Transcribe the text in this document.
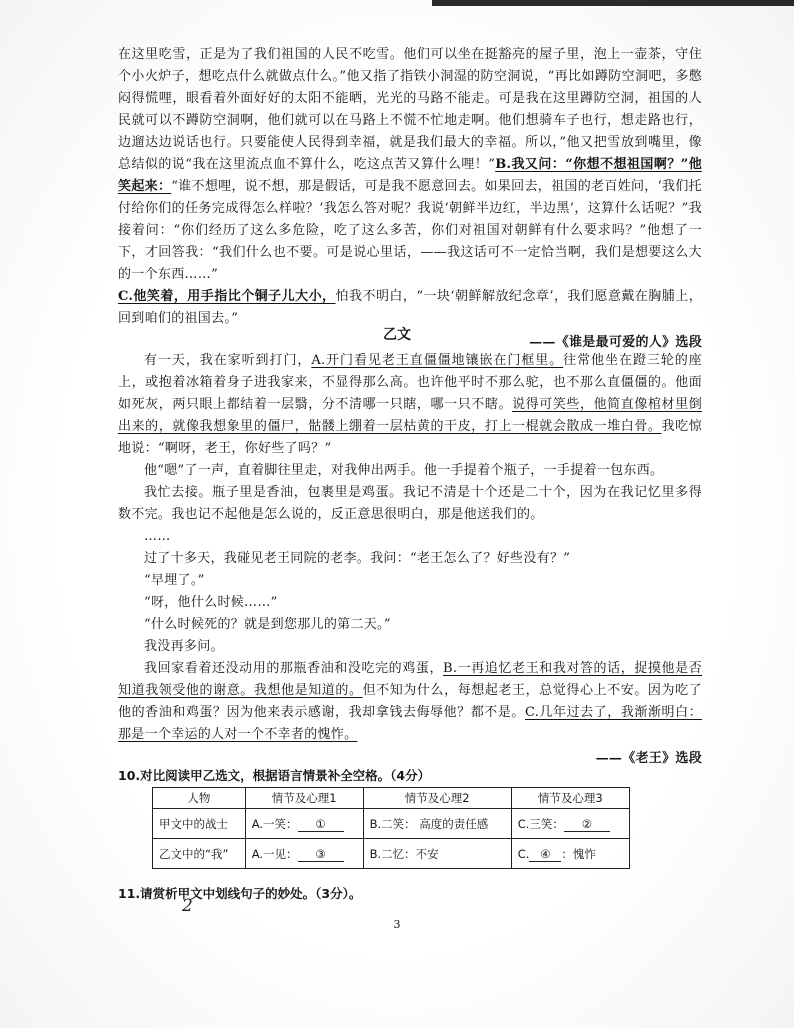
在这里吃雪，正是为了我们祖国的人民不吃雪。他们可以坐在挺豁亮的屋子里，泡上一壶茶，守住个小火炉子，想吃点什么就做点什么。”他又指了指铁小洞湿的防空洞说，“再比如蹲防空洞吧，多憋闷得慌哩，眼看着外面好好的太阳不能晒，光光的马路不能走。可是我在这里蹲防空洞，祖国的人民就可以不蹲防空洞啊，他们就可以在马路上不慌不忙地走啊。他们想骑车子也行，想走路也行，边遛达边说话也行。只要能使人民得到幸福，就是我们最大的幸福。所以，”他又把雪放到嘴里，像总结似的说“我在这里流点血不算什么，吃这点苦又算什么哩！”B.我又问：“你想不想祖国啊？”他笑起来：“谁不想哩，说不想，那是假话，可是我不愿意回去。如果回去，祖国的老百姓问，‘我们托付给你们的任务完成得怎么样啦？’我怎么答对呢？我说‘朝鲜半边红，半边黑’，这算什么话呢？”我接着问：“你们经历了这么多危险，吃了这么多苦，你们对祖国对朝鲜有什么要求吗？”他想了一下，才回答我：“我们什么也不要。可是说心里话，——我这话可不一定恰当啊，我们是想要这么大的一个东西……”
C.他笑着，用手指比个铜子儿大小，怕我不明白，“一块‘朝鲜解放纪念章’，我们愿意戴在胸脯上，回到咱们的祖国去。”

——《谁是最可爱的人》选段

乙文

有一天，我在家听到打门，A.开门看见老王直僵僵地镶嵌在门框里。往常他坐在蹬三轮的座上，或抱着冰箱着身子进我家来，不显得那么高。也许他平时不那么驼，也不那么直僵僵的。他面如死灰，两只眼上都结着一层翳，分不清哪一只瞎，哪一只不瞎。说得可笑些，他简直像棺材里倒出来的，就像我想象里的僵尸，骷髅上绷着一层枯黄的干皮，打上一棍就会散成一堆白骨。我吃惊地说：“啊呀，老王，你好些了吗？”

他“嗯”了一声，直着脚往里走，对我伸出两手。他一手提着个瓶子，一手提着一包东西。

我忙去接。瓶子里是香油，包裹里是鸡蛋。我记不清是十个还是二十个，因为在我记忆里多得数不完。我也记不起他是怎么说的，反正意思很明白，那是他送我们的。

……

过了十多天，我碰见老王同院的老李。我问：“老王怎么了？好些没有？”

“早埋了。”

“呀，他什么时候……”

“什么时候死的？就是到您那儿的第二天。”

我没再多问。

我回家看着还没动用的那瓶香油和没吃完的鸡蛋，B.一再追忆老王和我对答的话，捉摸他是否知道我领受他的谢意。我想他是知道的。但不知为什么，每想起老王，总觉得心上不安。因为吃了他的香油和鸡蛋？因为他来表示感谢，我却拿钱去侮辱他？都不是。C.几年过去了，我渐渐明白：那是一个幸运的人对一个不幸者的愧怍。

——《老王》选段

10.对比阅读甲乙选文，根据语言情景补全空格。（4分）
人物	情节及心理1	情节及心理2	情节及心理3
甲文中的战士	A.一笑： ①	B.二笑： 高度的责任感	C.三笑： ②
乙文中的“我”	A.一见： ③	B.二忆：不安	C. ④ ：愧怍
11.请赏析甲文中划线句子的妙处。（3分）。
2
3
